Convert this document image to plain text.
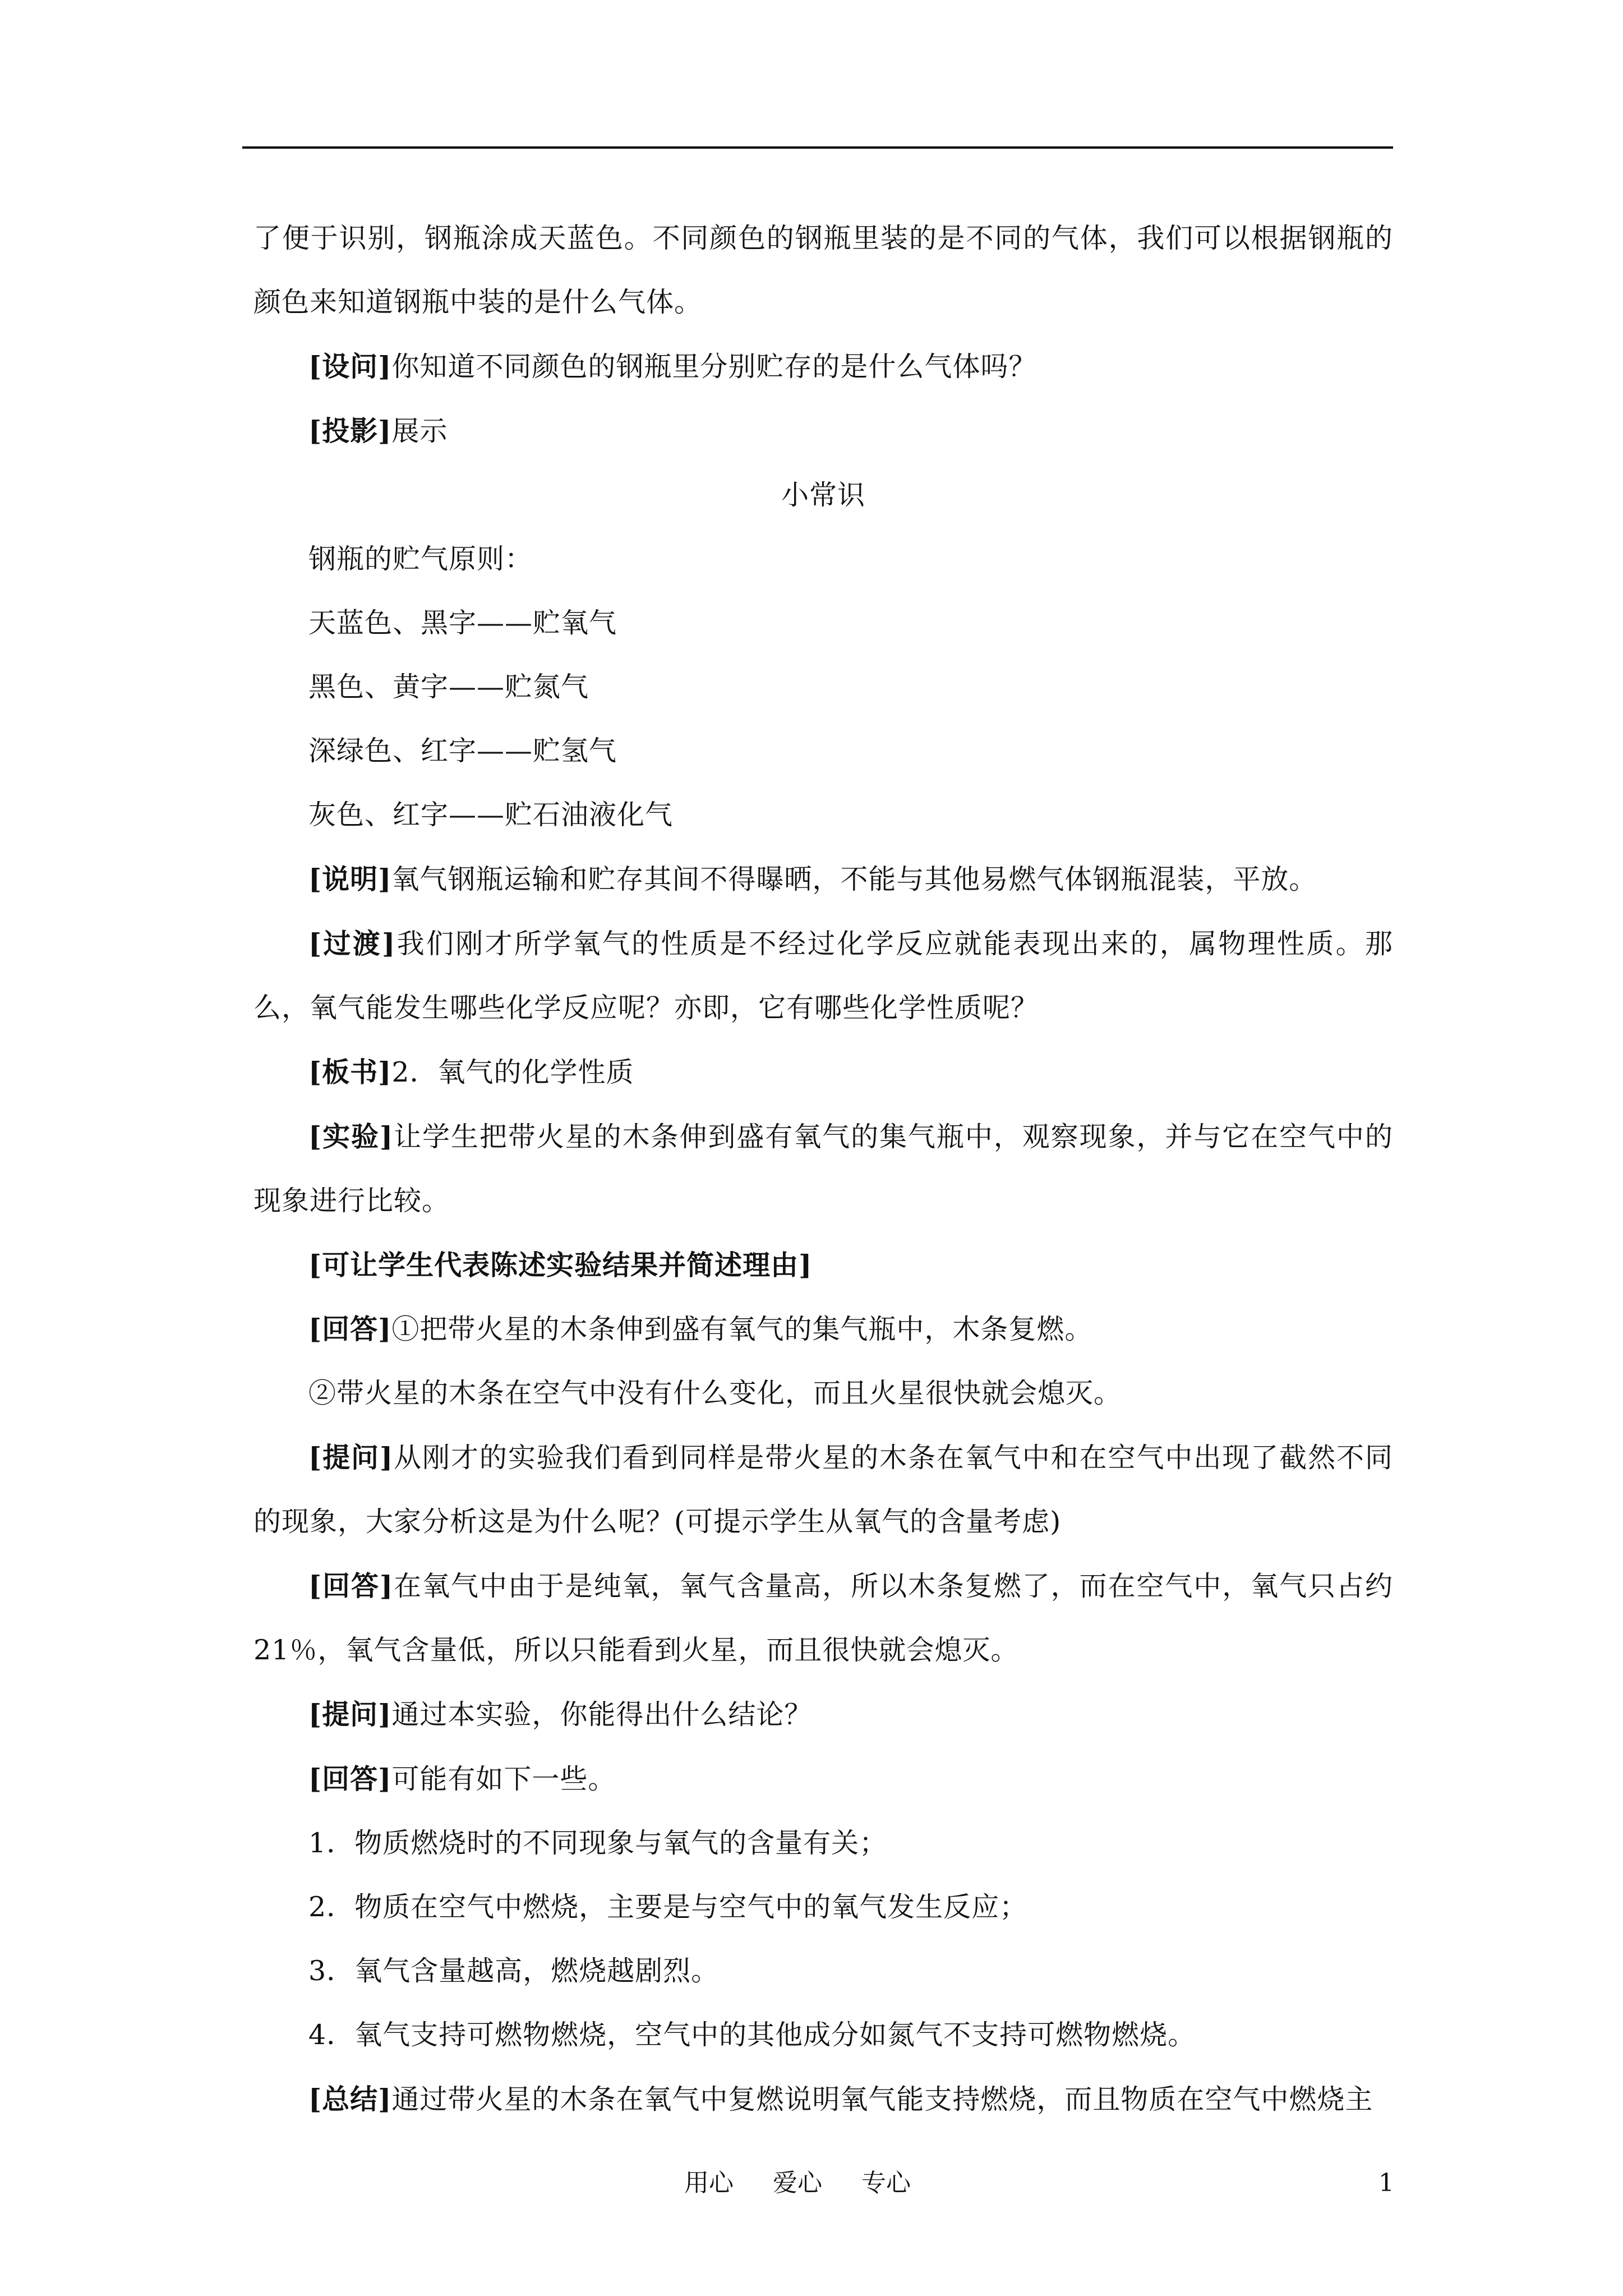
了便于识别，钢瓶涂成天蓝色。不同颜色的钢瓶里装的是不同的气体，我们可以根据钢瓶的颜色来知道钢瓶中装的是什么气体。

[设问]你知道不同颜色的钢瓶里分别贮存的是什么气体吗？

[投影]展示

小常识

钢瓶的贮气原则：

天蓝色、黑字——贮氧气

黑色、黄字——贮氮气

深绿色、红字——贮氢气

灰色、红字——贮石油液化气

[说明]氧气钢瓶运输和贮存其间不得曝晒，不能与其他易燃气体钢瓶混装，平放。

[过渡]我们刚才所学氧气的性质是不经过化学反应就能表现出来的，属物理性质。那么，氧气能发生哪些化学反应呢？亦即，它有哪些化学性质呢？

[板书]2．氧气的化学性质

[实验]让学生把带火星的木条伸到盛有氧气的集气瓶中，观察现象，并与它在空气中的现象进行比较。

[可让学生代表陈述实验结果并简述理由]

[回答]①把带火星的木条伸到盛有氧气的集气瓶中，木条复燃。

②带火星的木条在空气中没有什么变化，而且火星很快就会熄灭。

[提问]从刚才的实验我们看到同样是带火星的木条在氧气中和在空气中出现了截然不同的现象，大家分析这是为什么呢？(可提示学生从氧气的含量考虑)

[回答]在氧气中由于是纯氧，氧气含量高，所以木条复燃了，而在空气中，氧气只占约21％，氧气含量低，所以只能看到火星，而且很快就会熄灭。

[提问]通过本实验，你能得出什么结论？

[回答]可能有如下一些。

1．物质燃烧时的不同现象与氧气的含量有关；

2．物质在空气中燃烧，主要是与空气中的氧气发生反应；

3．氧气含量越高，燃烧越剧烈。

4．氧气支持可燃物燃烧，空气中的其他成分如氮气不支持可燃物燃烧。

[总结]通过带火星的木条在氧气中复燃说明氧气能支持燃烧，而且物质在空气中燃烧主

用心 爱心 专心	1
